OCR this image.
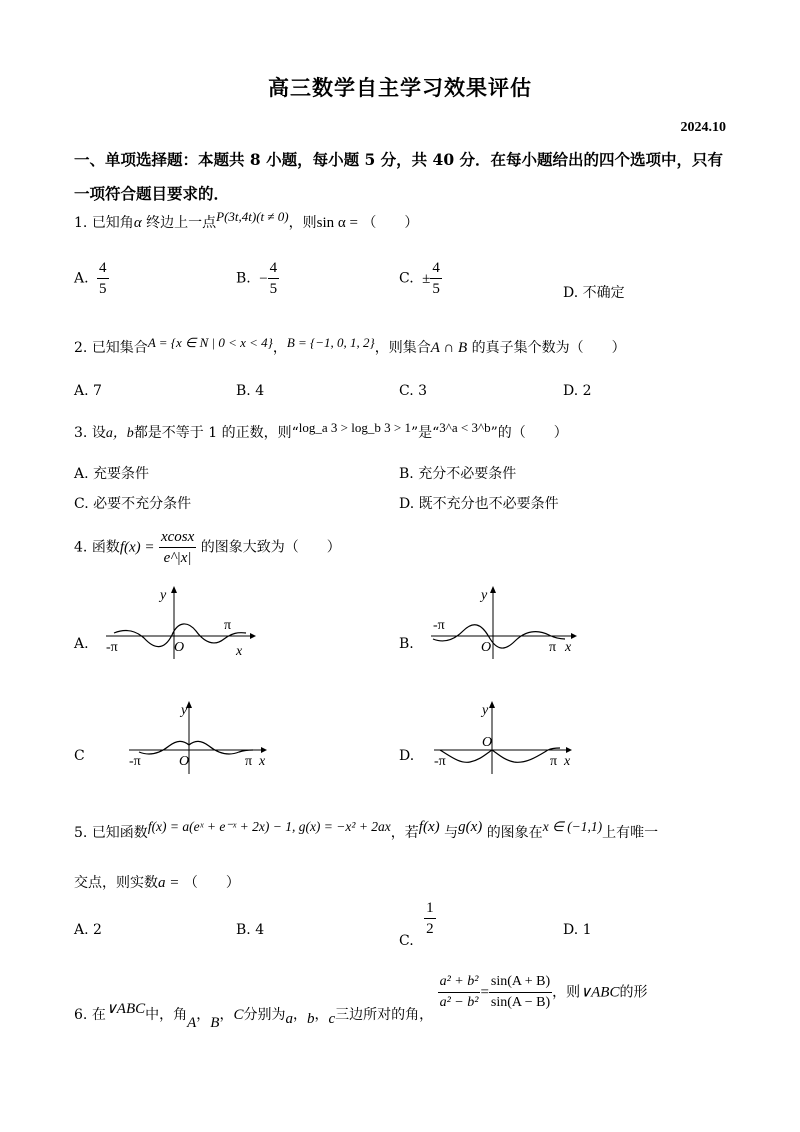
高三数学自主学习效果评估
2024.10
一、单项选择题：本题共 8 小题，每小题 5 分，共 40 分．在每小题给出的四个选项中，只有
一项符合题目要求的．
1. 已知角α 终边上一点P(3t,4t)(t ≠ 0)，则sin α = （　　）
A. $\frac{4}{5}$	B. − $\frac{4}{5}$	C. ± $\frac{4}{5}$	D. 不确定
2. 已知集合A = {x ∈ N | 0 < x < 4}，B = {−1, 0, 1, 2}，则集合A ∩ B 的真子集个数为（　　）
A. 7	B. 4	C. 3	D. 2
3. 设a，b都是不等于 1 的正数，则“log_a 3 > log_b 3 > 1”是“3^a < 3^b”的（　　）
A. 充要条件	B. 充分不必要条件
C. 必要不充分条件	D. 既不充分也不必要条件
4. 函数$f(x) = \frac{xcosx}{e\^{}|x|}$ 的图象大致为（　　）
A.	B.
C	D.
y
x
O
-π
π
y
x
O
-π
π
y
x
O
-π	π
y
x
O
-π	π
5. 已知函数f(x) = a(eˣ + e⁻ˣ + 2x) − 1, g(x) = −x² + 2ax，若f(x) 与g(x) 的图象在x ∈ (−1,1)上有唯一
交点，则实数a = （　　）
A. 2	B. 4
C.
$\frac{1}{2}$	D. 1
6. 在∨ABC中，角A，B，C分别为a，b，c三边所对的角，
$\frac{\text{a² + b²}}{\text{a² − b²}} = \frac{\sin(A + B)}{\sin(A - B)}$ ，则∨ABC的形
